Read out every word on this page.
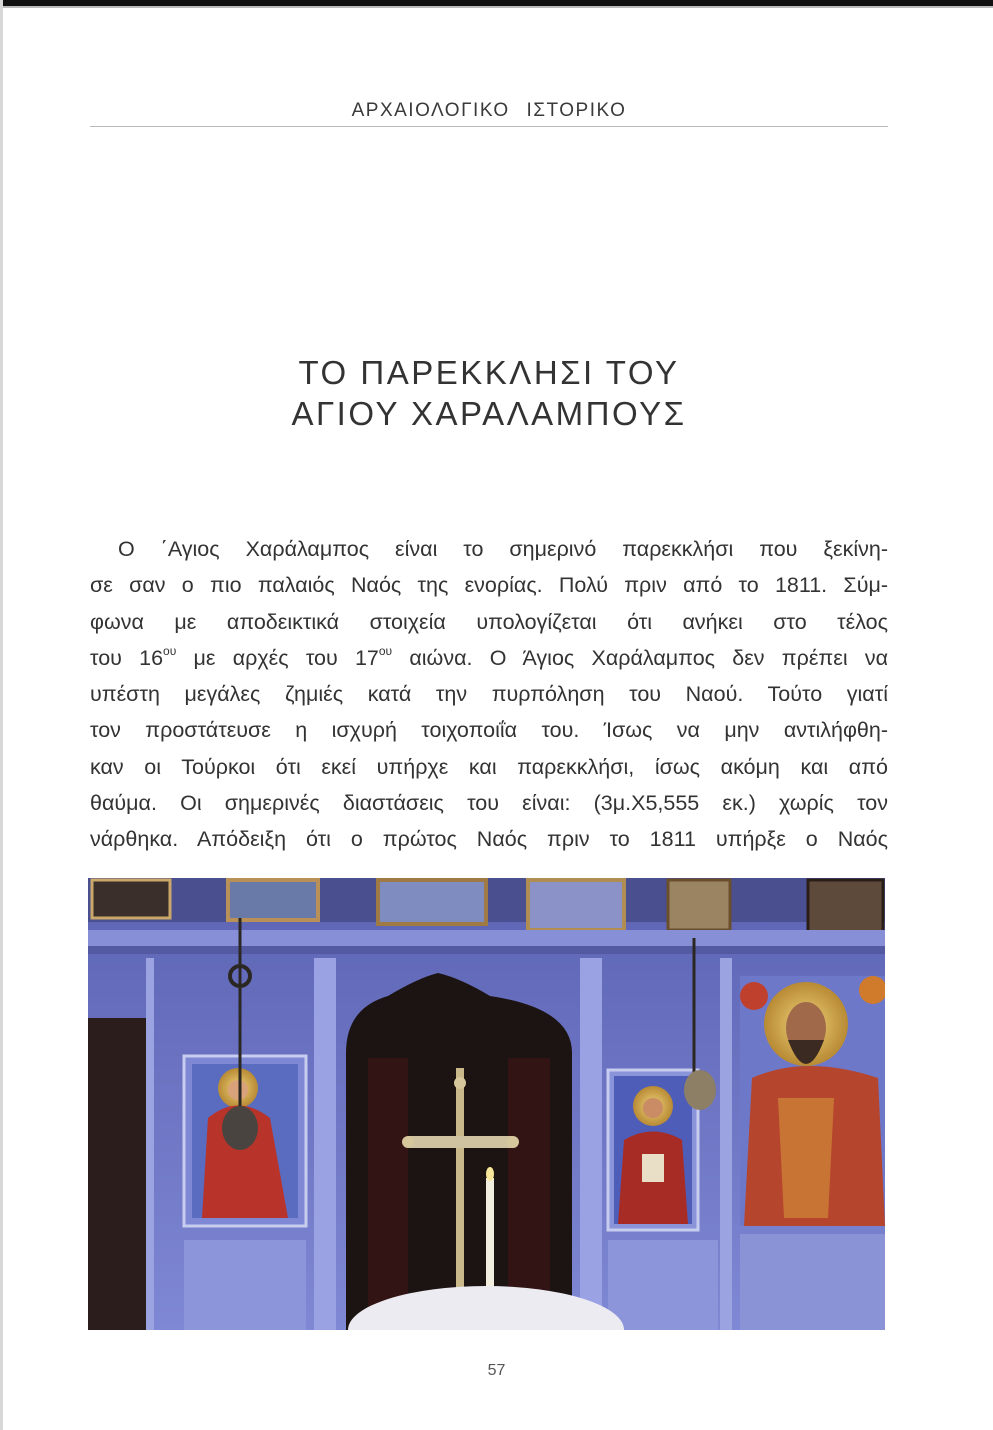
ΑΡΧΑΙΟΛΟΓΙΚΟ ΙΣΤΟΡΙΚΟ
ΤΟ ΠΑΡΕΚΚΛΗΣΙ ΤΟΥ
ΑΓΙΟΥ ΧΑΡΑΛΑΜΠΟΥΣ
Ο ΄Αγιος Χαράλαμπος είναι το σημερινό παρεκκλήσι που ξεκίνη-
σε σαν ο πιο παλαιός Ναός της ενορίας. Πολύ πριν από το 1811. Σύμ-
φωνα με αποδεικτικά στοιχεία υπολογίζεται ότι ανήκει στο τέλος
του $16^{o\upsilon}$ με αρχές του $17^{o\upsilon}$ αιώνα. Ο Άγιος Χαράλαμπος δεν πρέπει να
υπέστη μεγάλες ζημιές κατά την πυρπόληση του Ναού. Τούτο γιατί
τον προστάτευσε η ισχυρή τοιχοποιΐα του. Ίσως να μην αντιλήφθη-
καν οι Τούρκοι ότι εκεί υπήρχε και παρεκκλήσι, ίσως ακόμη και από
θαύμα. Οι σημερινές διαστάσεις του είναι: (3μ.Χ5,555 εκ.) χωρίς τον
νάρθηκα. Απόδειξη ότι ο πρώτος Ναός πριν το 1811 υπήρξε ο Ναός
57
